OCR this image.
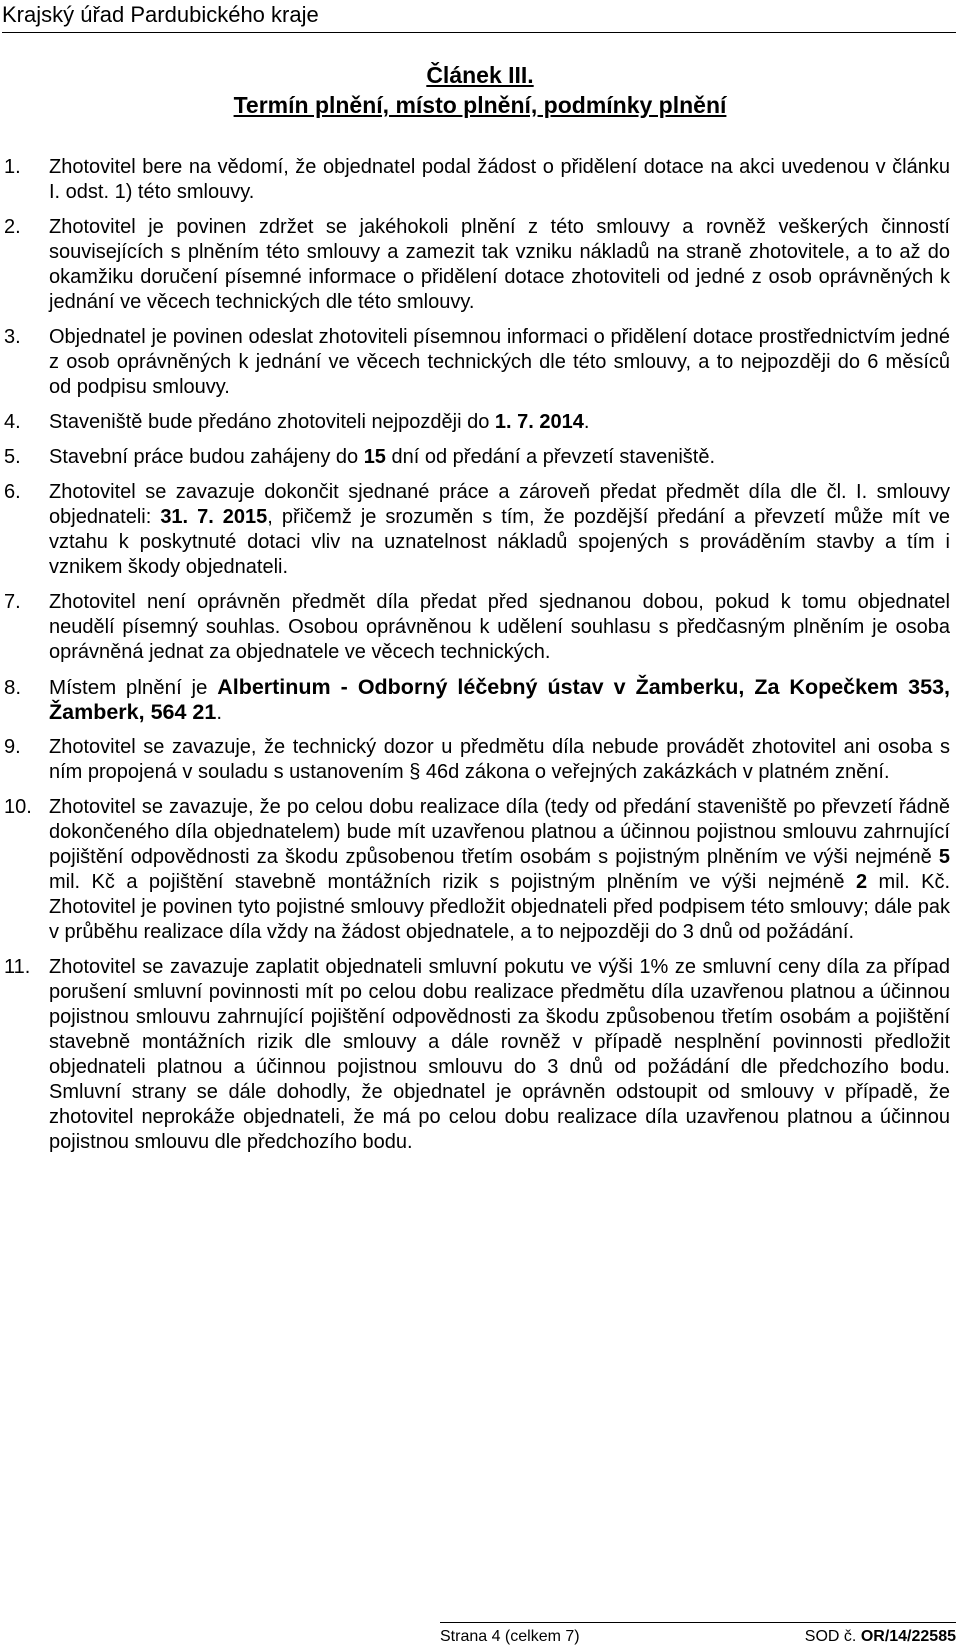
Krajský úřad Pardubického kraje
Článek III.
Termín plnění, místo plnění, podmínky plnění
1. Zhotovitel bere na vědomí, že objednatel podal žádost o přidělení dotace na akci uvedenou v článku I. odst. 1) této smlouvy.
2. Zhotovitel je povinen zdržet se jakéhokoli plnění z této smlouvy a rovněž veškerých činností souvisejících s plněním této smlouvy a zamezit tak vzniku nákladů na straně zhotovitele, a to až do okamžiku doručení písemné informace o přidělení dotace zhotoviteli od jedné z osob oprávněných k jednání ve věcech technických dle této smlouvy.
3. Objednatel je povinen odeslat zhotoviteli písemnou informaci o přidělení dotace prostřednictvím jedné z osob oprávněných k jednání ve věcech technických dle této smlouvy, a to nejpozději do 6 měsíců od podpisu smlouvy.
4. Staveniště bude předáno zhotoviteli nejpozději do 1. 7. 2014.
5. Stavební práce budou zahájeny do 15 dní od předání a převzetí staveniště.
6. Zhotovitel se zavazuje dokončit sjednané práce a zároveň předat předmět díla dle čl. I. smlouvy objednateli: 31. 7. 2015, přičemž je srozuměn s tím, že pozdější předání a převzetí může mít ve vztahu k poskytnuté dotaci vliv na uznatelnost nákladů spojených s prováděním stavby a tím i vznikem škody objednateli.
7. Zhotovitel není oprávněn předmět díla předat před sjednanou dobou, pokud k tomu objednatel neudělí písemný souhlas. Osobou oprávněnou k udělení souhlasu s předčasným plněním je osoba oprávněná jednat za objednatele ve věcech technických.
8. Místem plnění je Albertinum - Odborný léčebný ústav v Žamberku, Za Kopečkem 353, Žamberk, 564 21.
9. Zhotovitel se zavazuje, že technický dozor u předmětu díla nebude provádět zhotovitel ani osoba s ním propojená v souladu s ustanovením § 46d zákona o veřejných zakázkách v platném znění.
10. Zhotovitel se zavazuje, že po celou dobu realizace díla (tedy od předání staveniště po převzetí řádně dokončeného díla objednatelem) bude mít uzavřenou platnou a účinnou pojistnou smlouvu zahrnující pojištění odpovědnosti za škodu způsobenou třetím osobám s pojistným plněním ve výši nejméně 5 mil. Kč a pojištění stavebně montážních rizik s pojistným plněním ve výši nejméně 2 mil. Kč. Zhotovitel je povinen tyto pojistné smlouvy předložit objednateli před podpisem této smlouvy; dále pak v průběhu realizace díla vždy na žádost objednatele, a to nejpozději do 3 dnů od požádání.
11. Zhotovitel se zavazuje zaplatit objednateli smluvní pokutu ve výši 1% ze smluvní ceny díla za případ porušení smluvní povinnosti mít po celou dobu realizace předmětu díla uzavřenou platnou a účinnou pojistnou smlouvu zahrnující pojištění odpovědnosti za škodu způsobenou třetím osobám a pojištění stavebně montážních rizik dle smlouvy a dále rovněž v případě nesplnění povinnosti předložit objednateli platnou a účinnou pojistnou smlouvu do 3 dnů od požádání dle předchozího bodu. Smluvní strany se dále dohodly, že objednatel je oprávněn odstoupit od smlouvy v případě, že zhotovitel neprokáže objednateli, že má po celou dobu realizace díla uzavřenou platnou a účinnou pojistnou smlouvu dle předchozího bodu.
Strana 4 (celkem 7)	SOD č. OR/14/22585
